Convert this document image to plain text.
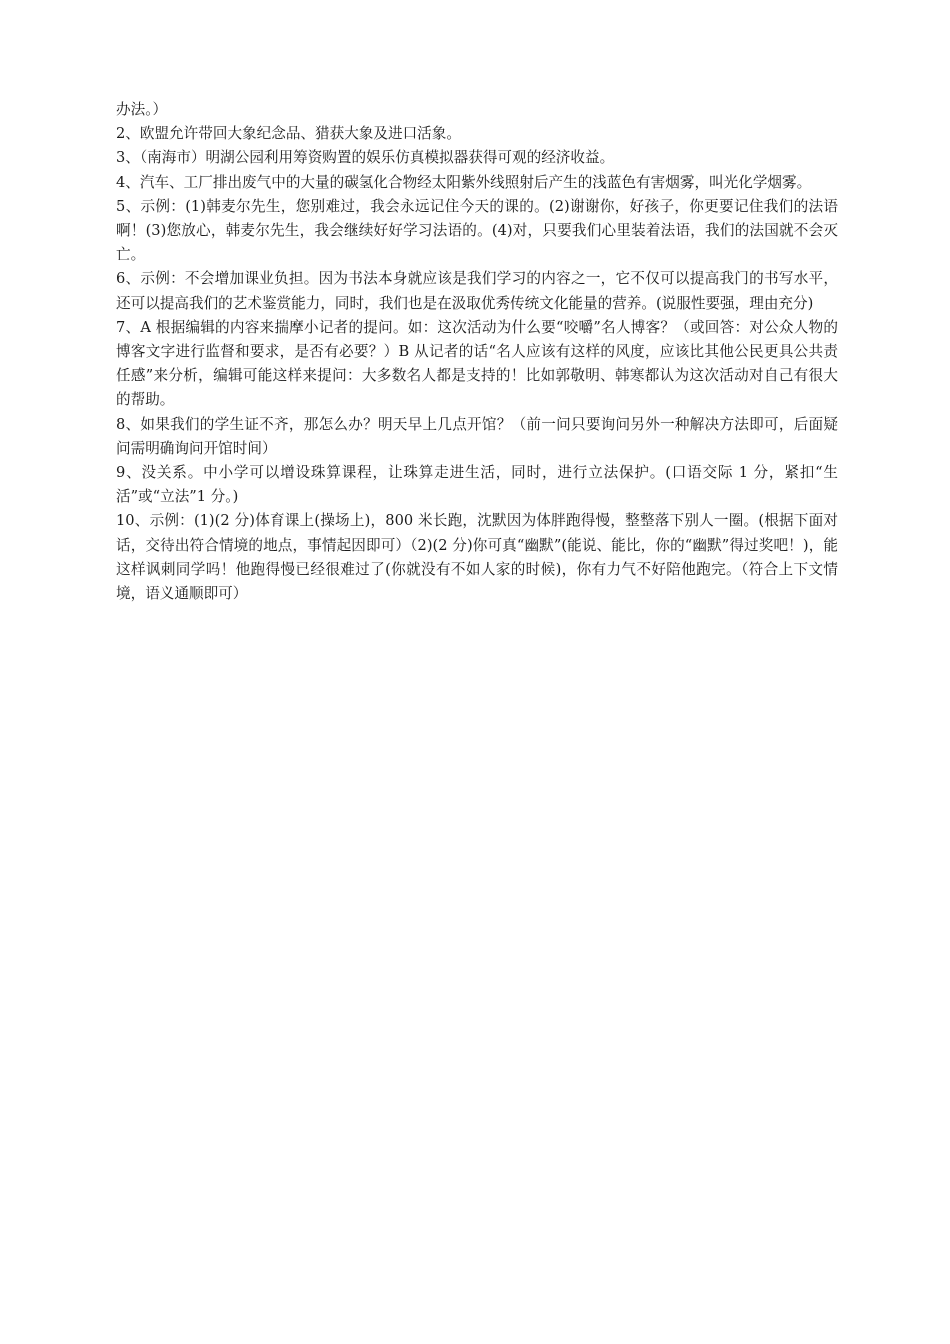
办法。）

2、欧盟允许带回大象纪念品、猎获大象及进口活象。

3、（南海市）明湖公园利用筹资购置的娱乐仿真模拟器获得可观的经济收益。

4、汽车、工厂排出废气中的大量的碳氢化合物经太阳紫外线照射后产生的浅蓝色有害烟雾，叫光化学烟雾。

5、示例：(1)韩麦尔先生，您别难过，我会永远记住今天的课的。(2)谢谢你，好孩子，你更要记住我们的法语啊！(3)您放心，韩麦尔先生，我会继续好好学习法语的。(4)对，只要我们心里装着法语，我们的法国就不会灭亡。

6、示例：不会增加课业负担。因为书法本身就应该是我们学习的内容之一，它不仅可以提高我门的书写水平，还可以提高我们的艺术鉴赏能力，同时，我们也是在汲取优秀传统文化能量的营养。(说服性要强，理由充分)

7、A 根据编辑的内容来揣摩小记者的提问。如：这次活动为什么要“咬嚼”名人博客？（或回答：对公众人物的博客文字进行监督和要求，是否有必要？）B 从记者的话“名人应该有这样的风度，应该比其他公民更具公共责任感”来分析，编辑可能这样来提问：大多数名人都是支持的！比如郭敬明、韩寒都认为这次活动对自己有很大的帮助。

8、如果我们的学生证不齐，那怎么办？明天早上几点开馆？（前一问只要询问另外一种解决方法即可，后面疑问需明确询问开馆时间）

9、没关系。中小学可以增设珠算课程，让珠算走进生活，同时，进行立法保护。(口语交际 1 分，紧扣“生活”或“立法”1 分。)

10、示例：(1)(2 分)体育课上(操场上)，800 米长跑，沈默因为体胖跑得慢，整整落下别人一圈。(根据下面对话，交待出符合情境的地点，事情起因即可）（2)(2 分)你可真“幽默”(能说、能比，你的“幽默”得过奖吧！)，能这样讽刺同学吗！他跑得慢已经很难过了(你就没有不如人家的时候)，你有力气不好陪他跑完。（符合上下文情境，语义通顺即可）
